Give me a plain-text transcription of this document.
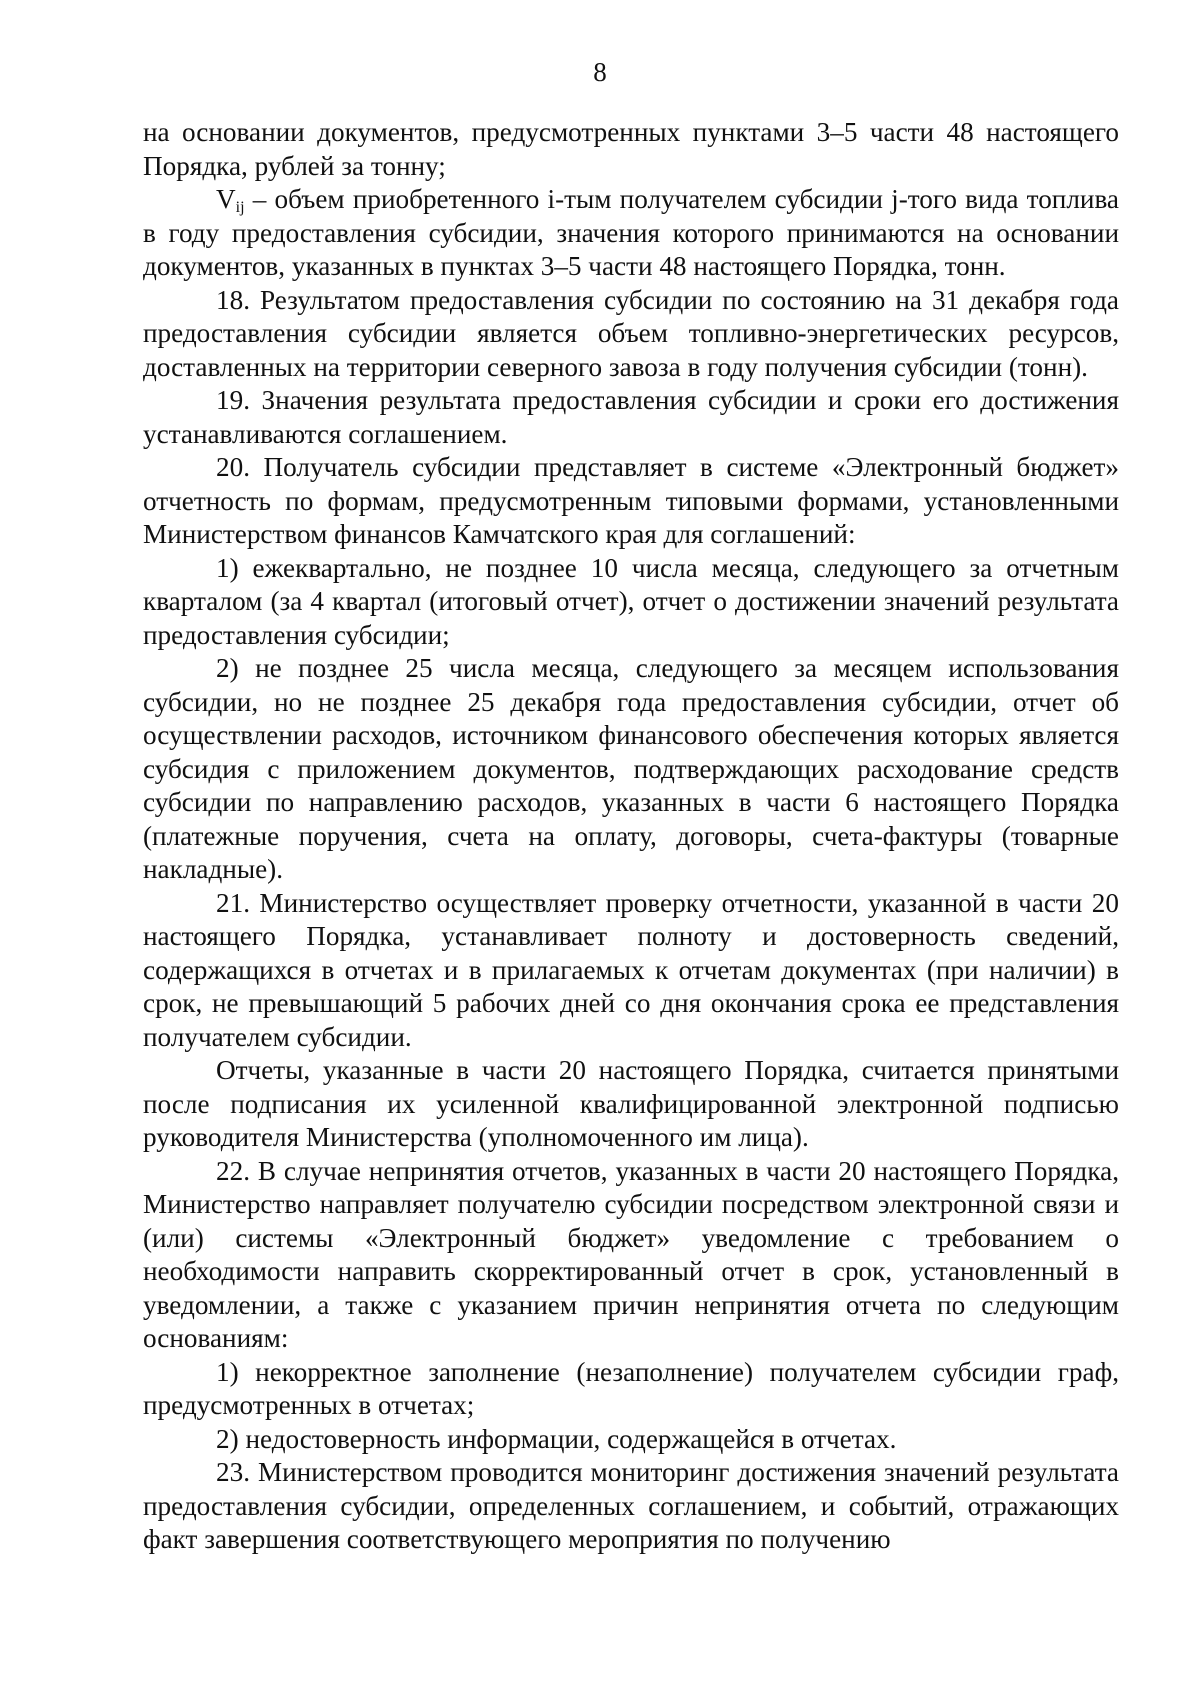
8

на основании документов, предусмотренных пунктами 3–5 части 48 настоящего Порядка, рублей за тонну;

$V_{ij}$ – объем приобретенного i-тым получателем субсидии j-того вида топлива в году предоставления субсидии, значения которого принимаются на основании документов, указанных в пунктах 3–5 части 48 настоящего Порядка, тонн.

18. Результатом предоставления субсидии по состоянию на 31 декабря года предоставления субсидии является объем топливно-энергетических ресурсов, доставленных на территории северного завоза в году получения субсидии (тонн).

19. Значения результата предоставления субсидии и сроки его достижения устанавливаются соглашением.

20. Получатель субсидии представляет в системе «Электронный бюджет» отчетность по формам, предусмотренным типовыми формами, установленными Министерством финансов Камчатского края для соглашений:

1) ежеквартально, не позднее 10 числа месяца, следующего за отчетным кварталом (за 4 квартал (итоговый отчет), отчет о достижении значений результата предоставления субсидии;

2) не позднее 25 числа месяца, следующего за месяцем использования субсидии, но не позднее 25 декабря года предоставления субсидии, отчет об осуществлении расходов, источником финансового обеспечения которых является субсидия с приложением документов, подтверждающих расходование средств субсидии по направлению расходов, указанных в части 6 настоящего Порядка (платежные поручения, счета на оплату, договоры, счета-фактуры (товарные накладные).

21. Министерство осуществляет проверку отчетности, указанной в части 20 настоящего Порядка, устанавливает полноту и достоверность сведений, содержащихся в отчетах и в прилагаемых к отчетам документах (при наличии) в срок, не превышающий 5 рабочих дней со дня окончания срока ее представления получателем субсидии.

Отчеты, указанные в части 20 настоящего Порядка, считается принятыми после подписания их усиленной квалифицированной электронной подписью руководителя Министерства (уполномоченного им лица).

22. В случае непринятия отчетов, указанных в части 20 настоящего Порядка, Министерство направляет получателю субсидии посредством электронной связи и (или) системы «Электронный бюджет» уведомление с требованием о необходимости направить скорректированный отчет в срок, установленный в уведомлении, а также с указанием причин непринятия отчета по следующим основаниям:

1) некорректное заполнение (незаполнение) получателем субсидии граф, предусмотренных в отчетах;

2) недостоверность информации, содержащейся в отчетах.

23. Министерством проводится мониторинг достижения значений результата предоставления субсидии, определенных соглашением, и событий, отражающих факт завершения соответствующего мероприятия по получению
